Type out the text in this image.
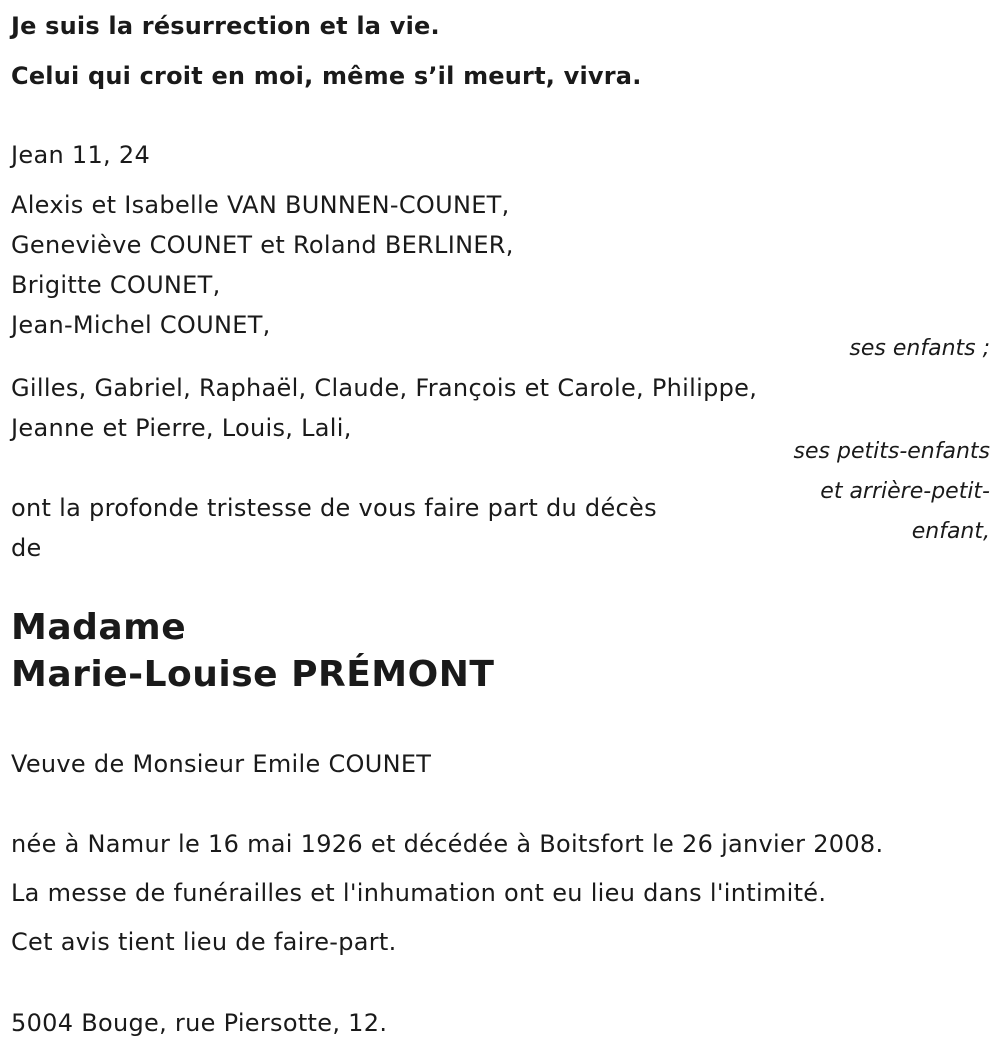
Je suis la résurrection et la vie.
Celui qui croit en moi, même s’il meurt, vivra.
Jean 11, 24
Alexis et Isabelle VAN BUNNEN-COUNET,
Geneviève COUNET et Roland BERLINER,
Brigitte COUNET,
Jean-Michel COUNET,
ses enfants ;
Gilles, Gabriel, Raphaël, Claude, François et Carole, Philippe,
Jeanne et Pierre, Louis, Lali,
ses petits-enfants
et arrière-petit-
enfant,
ont la profonde tristesse de vous faire part du décès
de
Madame
Marie-Louise PRÉMONT
Veuve de Monsieur Emile COUNET
née à Namur le 16 mai 1926 et décédée à Boitsfort le 26 janvier 2008.
La messe de funérailles et l'inhumation ont eu lieu dans l'intimité.
Cet avis tient lieu de faire-part.
5004 Bouge, rue Piersotte, 12.
